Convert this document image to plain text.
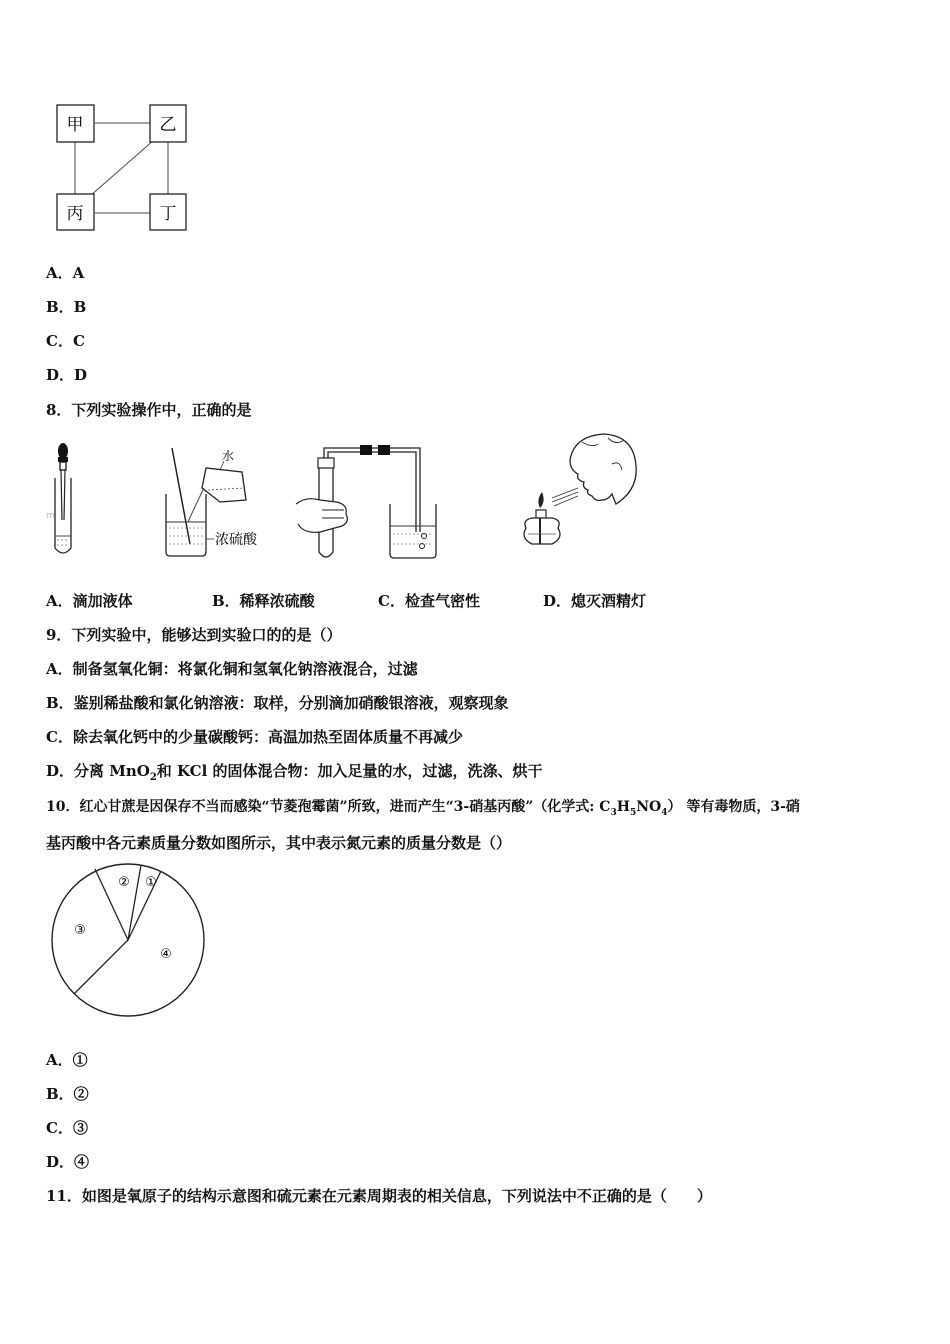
甲	乙
丙	丁
A．A
B．B
C．C
D．D
8．下列实验操作中，正确的是
m
水
浓硫酸
A．滴加液体	B．稀释浓硫酸	C．检查气密性	D．熄灭酒精灯
9．下列实验中，能够达到实验口的的是（）
A．制备氢氧化铜：将氯化铜和氢氧化钠溶液混合，过滤
B．鉴别稀盐酸和氯化钠溶液：取样，分别滴加硝酸银溶液，观察现象
C．除去氧化钙中的少量碳酸钙：高温加热至固体质量不再减少
D．分离 MnO$_2$和 KCl 的固体混合物：加入足量的水，过滤，洗涤、烘干
10．红心甘蔗是因保存不当而感染“节菱孢霉菌”所致，进而产生“3-硝基丙酸”（化学式: $C_3H_5NO_4$） 等有毒物质，3-硝
基丙酸中各元素质量分数如图所示，其中表示氮元素的质量分数是（）
①
②
③
④
A．①
B．②
C．③
D．④
11．如图是氧原子的结构示意图和硫元素在元素周期表的相关信息，下列说法中不正确的是（　　）
